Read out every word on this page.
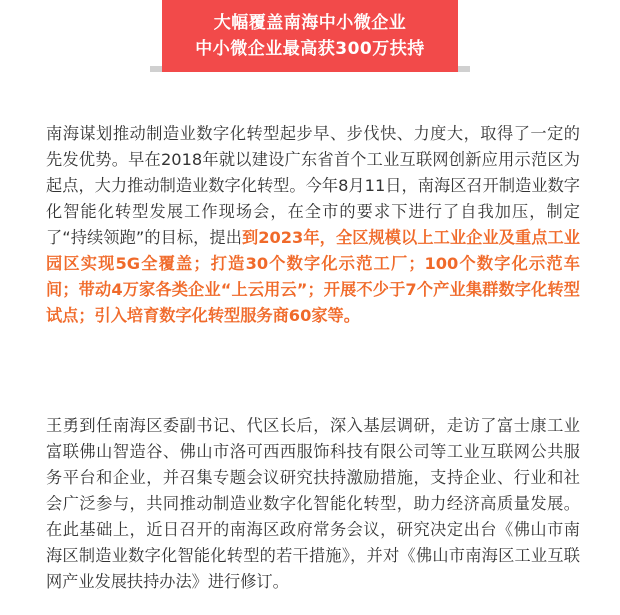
大幅覆盖南海中小微企业
中小微企业最高获300万扶持

南海谋划推动制造业数字化转型起步早、步伐快、力度大，取得了一定的先发优势。早在2018年就以建设广东省首个工业互联网创新应用示范区为起点，大力推动制造业数字化转型。今年8月11日，南海区召开制造业数字化智能化转型发展工作现场会，在全市的要求下进行了自我加压，制定了“持续领跑”的目标，提出到2023年，全区规模以上工业企业及重点工业园区实现5G全覆盖；打造30个数字化示范工厂；100个数字化示范车间；带动4万家各类企业“上云用云”；开展不少于7个产业集群数字化转型试点；引入培育数字化转型服务商60家等。

王勇到任南海区委副书记、代区长后，深入基层调研，走访了富士康工业富联佛山智造谷、佛山市洛可西西服饰科技有限公司等工业互联网公共服务平台和企业，并召集专题会议研究扶持激励措施，支持企业、行业和社会广泛参与，共同推动制造业数字化智能化转型，助力经济高质量发展。在此基础上，近日召开的南海区政府常务会议，研究决定出台《佛山市南海区制造业数字化智能化转型的若干措施》，并对《佛山市南海区工业互联网产业发展扶持办法》进行修订。
